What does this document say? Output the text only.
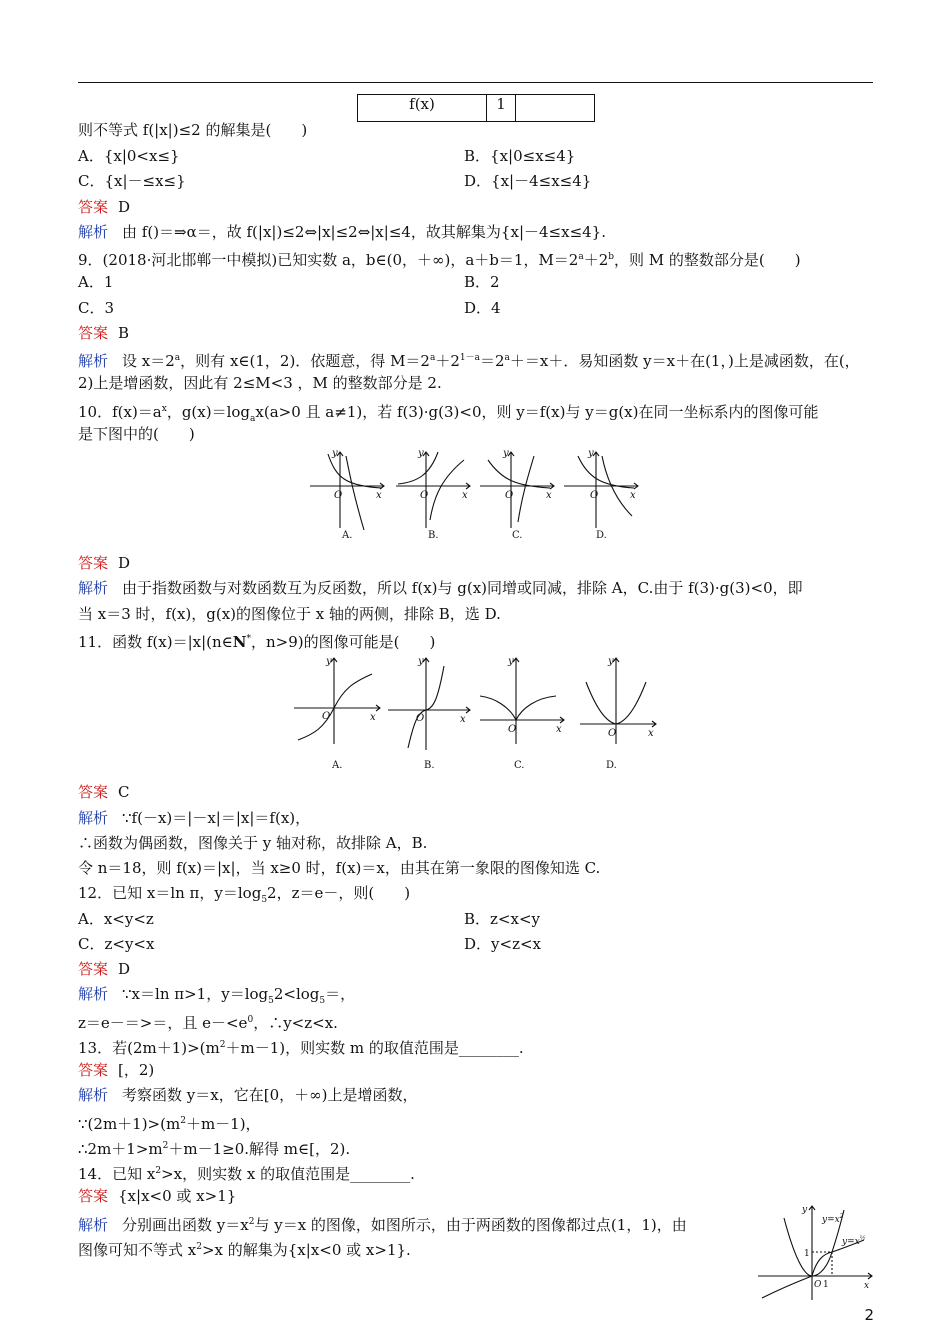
f(x)	1	
则不等式 f(|x|)≤2 的解集是(　　)
A．{x|0<x≤}	B．{x|0≤x≤4}
C．{x|－≤x≤}	D．{x|－4≤x≤4}
答案 D
解析 由 f()＝⇒α＝，故 f(|x|)≤2⇔|x|≤2⇔|x|≤4，故其解集为{x|－4≤x≤4}.
9．(2018·河北邯郸一中模拟)已知实数 a，b∈(0，＋∞)，a＋b＝1，$M=2^a+2^b$，则 M 的整数部分是(　　)
A．1	B．2
C．3	D．4
答案 B
解析 设 $x=2^a$，则有 x∈(1，2)．依题意，得 $M=2^a+2^{1-a}=2^a+=x+$．易知函数 y＝x＋在(1，)上是减函数，在(，
2)上是增函数，因此有 2≤M<3 ，M 的整数部分是 2.
10．$f(x)=a^x$，$g(x)=\log_ax(a>0$ 且 a≠1)，若 f(3)·g(3)<0，则 y＝f(x)与 y＝g(x)在同一坐标系内的图像可能
是下图中的(　　)
O	x
y
O	x
y
O	x
y
O	x
y
A.	B.	C.	D.
答案 D
解析 由于指数函数与对数函数互为反函数，所以 f(x)与 g(x)同增或同减，排除 A，C.由于 f(3)·g(3)<0，即
当 x＝3 时，f(x)，g(x)的图像位于 x 轴的两侧，排除 B，选 D.
11．函数 f(x)＝|x|(n∈N*，n>9)的图像可能是(　　)
O	x
y
O	x
y
O	x
y
O	x
y
A.	B.	C.	D.
答案 C
解析 ∵f(－x)＝|－x|＝|x|＝f(x)，
∴函数为偶函数，图像关于 y 轴对称，故排除 A，B.
令 n＝18，则 f(x)＝|x|，当 x≥0 时，f(x)＝x，由其在第一象限的图像知选 C.
12．已知 x＝ln π，$y=\log_52$，z＝e－，则(　　)
A．x<y<z	B．z<x<y
C．z<y<x	D．y<z<x
答案 D
解析 ∵x＝ln π>1，$y=\log_52<\log_5=$，
z＝e－＝>＝，且 $e-<e^0$，∴y<z<x.
13．若$(2m+1)>(m^2+m-1)$，则实数 m 的取值范围是________.
答案 [，2)
解析 考察函数 y＝x，它在[0，＋∞)上是增函数，
$\because(2m+1)>(m^2+m-1)$，
$\therefore 2m+1>m^2+m-1\ge 0$.解得 m∈[，2).
14．已知 $x^2>x$，则实数 x 的取值范围是________.
答案 {x|x<0 或 x>1}
解析 分别画出函数 $y=x^2$与 y＝x 的图像，如图所示，由于两函数的图像都过点(1，1)，由
图像可知不等式 $x^2>x$ 的解集为{x|x<0 或 x>1}.
y
x
O
$y=x^2$
$y=x^{\frac{1}{2}}$
1
1
2
